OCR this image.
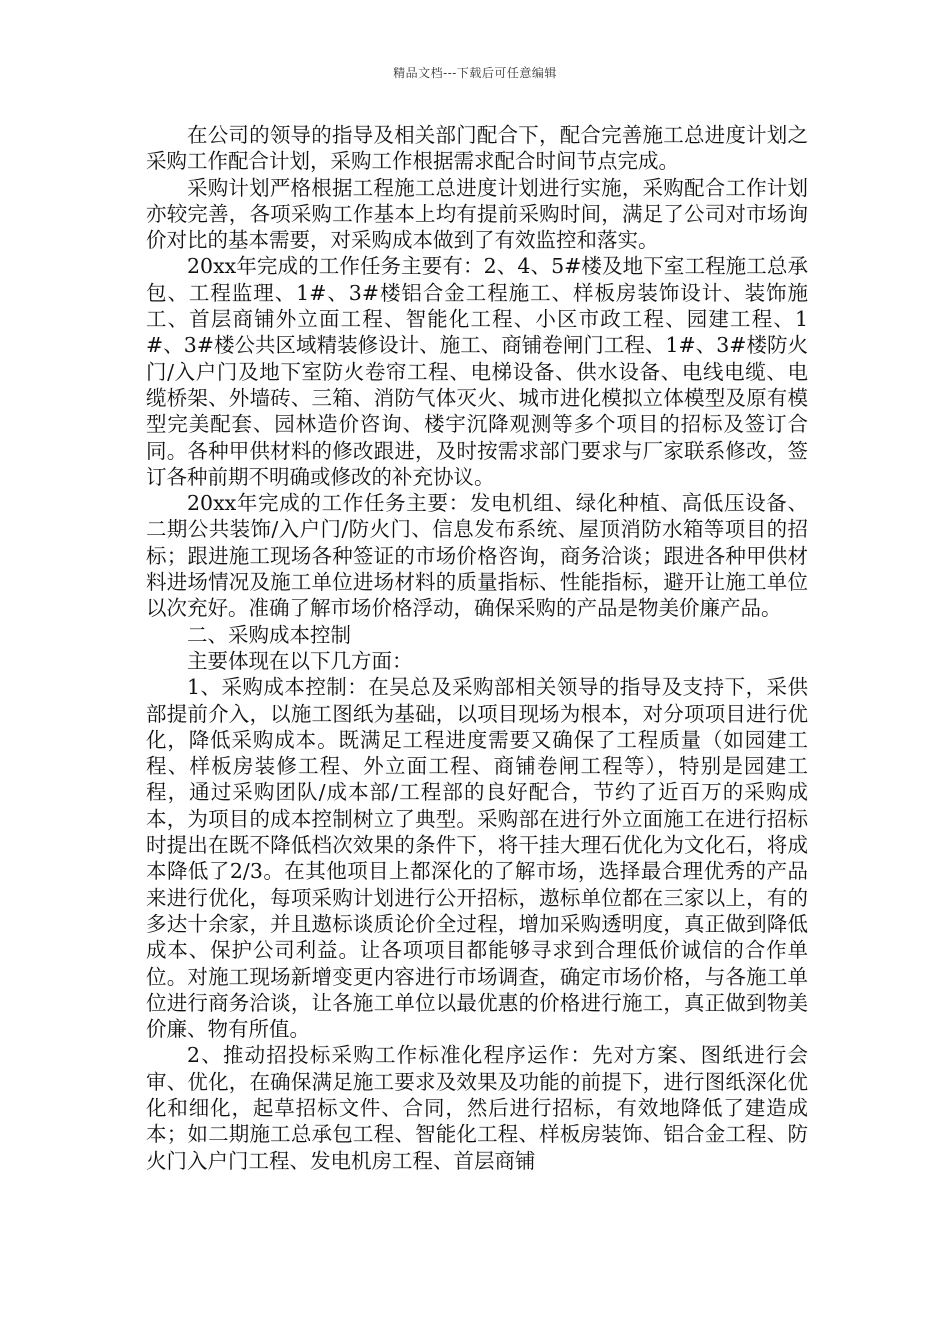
精品文档---下载后可任意编辑

在公司的领导的指导及相关部门配合下，配合完善施工总进度计划之采购工作配合计划，采购工作根据需求配合时间节点完成。

采购计划严格根据工程施工总进度计划进行实施，采购配合工作计划亦较完善，各项采购工作基本上均有提前采购时间，满足了公司对市场询价对比的基本需要，对采购成本做到了有效监控和落实。

20xx年完成的工作任务主要有：2、4、5#楼及地下室工程施工总承包、工程监理、1#、3#楼铝合金工程施工、样板房装饰设计、装饰施工、首层商铺外立面工程、智能化工程、小区市政工程、园建工程、1#、3#楼公共区域精装修设计、施工、商铺卷闸门工程、1#、3#楼防火门/入户门及地下室防火卷帘工程、电梯设备、供水设备、电线电缆、电缆桥架、外墙砖、三箱、消防气体灭火、城市进化模拟立体模型及原有模型完美配套、园林造价咨询、楼宇沉降观测等多个项目的招标及签订合同。各种甲供材料的修改跟进，及时按需求部门要求与厂家联系修改，签订各种前期不明确或修改的补充协议。

20xx年完成的工作任务主要：发电机组、绿化种植、高低压设备、二期公共装饰/入户门/防火门、信息发布系统、屋顶消防水箱等项目的招标；跟进施工现场各种签证的市场价格咨询，商务洽谈；跟进各种甲供材料进场情况及施工单位进场材料的质量指标、性能指标，避开让施工单位以次充好。准确了解市场价格浮动，确保采购的产品是物美价廉产品。

二、采购成本控制

主要体现在以下几方面：

1、采购成本控制：在吴总及采购部相关领导的指导及支持下，采供部提前介入，以施工图纸为基础，以项目现场为根本，对分项项目进行优化，降低采购成本。既满足工程进度需要又确保了工程质量（如园建工程、样板房装修工程、外立面工程、商铺卷闸工程等），特别是园建工程，通过采购团队/成本部/工程部的良好配合，节约了近百万的采购成本，为项目的成本控制树立了典型。采购部在进行外立面施工在进行招标时提出在既不降低档次效果的条件下，将干挂大理石优化为文化石，将成本降低了2/3。在其他项目上都深化的了解市场，选择最合理优秀的产品来进行优化，每项采购计划进行公开招标，遨标单位都在三家以上，有的多达十余家，并且遨标谈质论价全过程，增加采购透明度，真正做到降低成本、保护公司利益。让各项项目都能够寻求到合理低价诚信的合作单位。对施工现场新增变更内容进行市场调查，确定市场价格，与各施工单位进行商务洽谈，让各施工单位以最优惠的价格进行施工，真正做到物美价廉、物有所值。

2、推动招投标采购工作标准化程序运作：先对方案、图纸进行会审、优化，在确保满足施工要求及效果及功能的前提下，进行图纸深化优化和细化，起草招标文件、合同，然后进行招标，有效地降低了建造成本；如二期施工总承包工程、智能化工程、样板房装饰、铝合金工程、防火门入户门工程、发电机房工程、首层商铺
